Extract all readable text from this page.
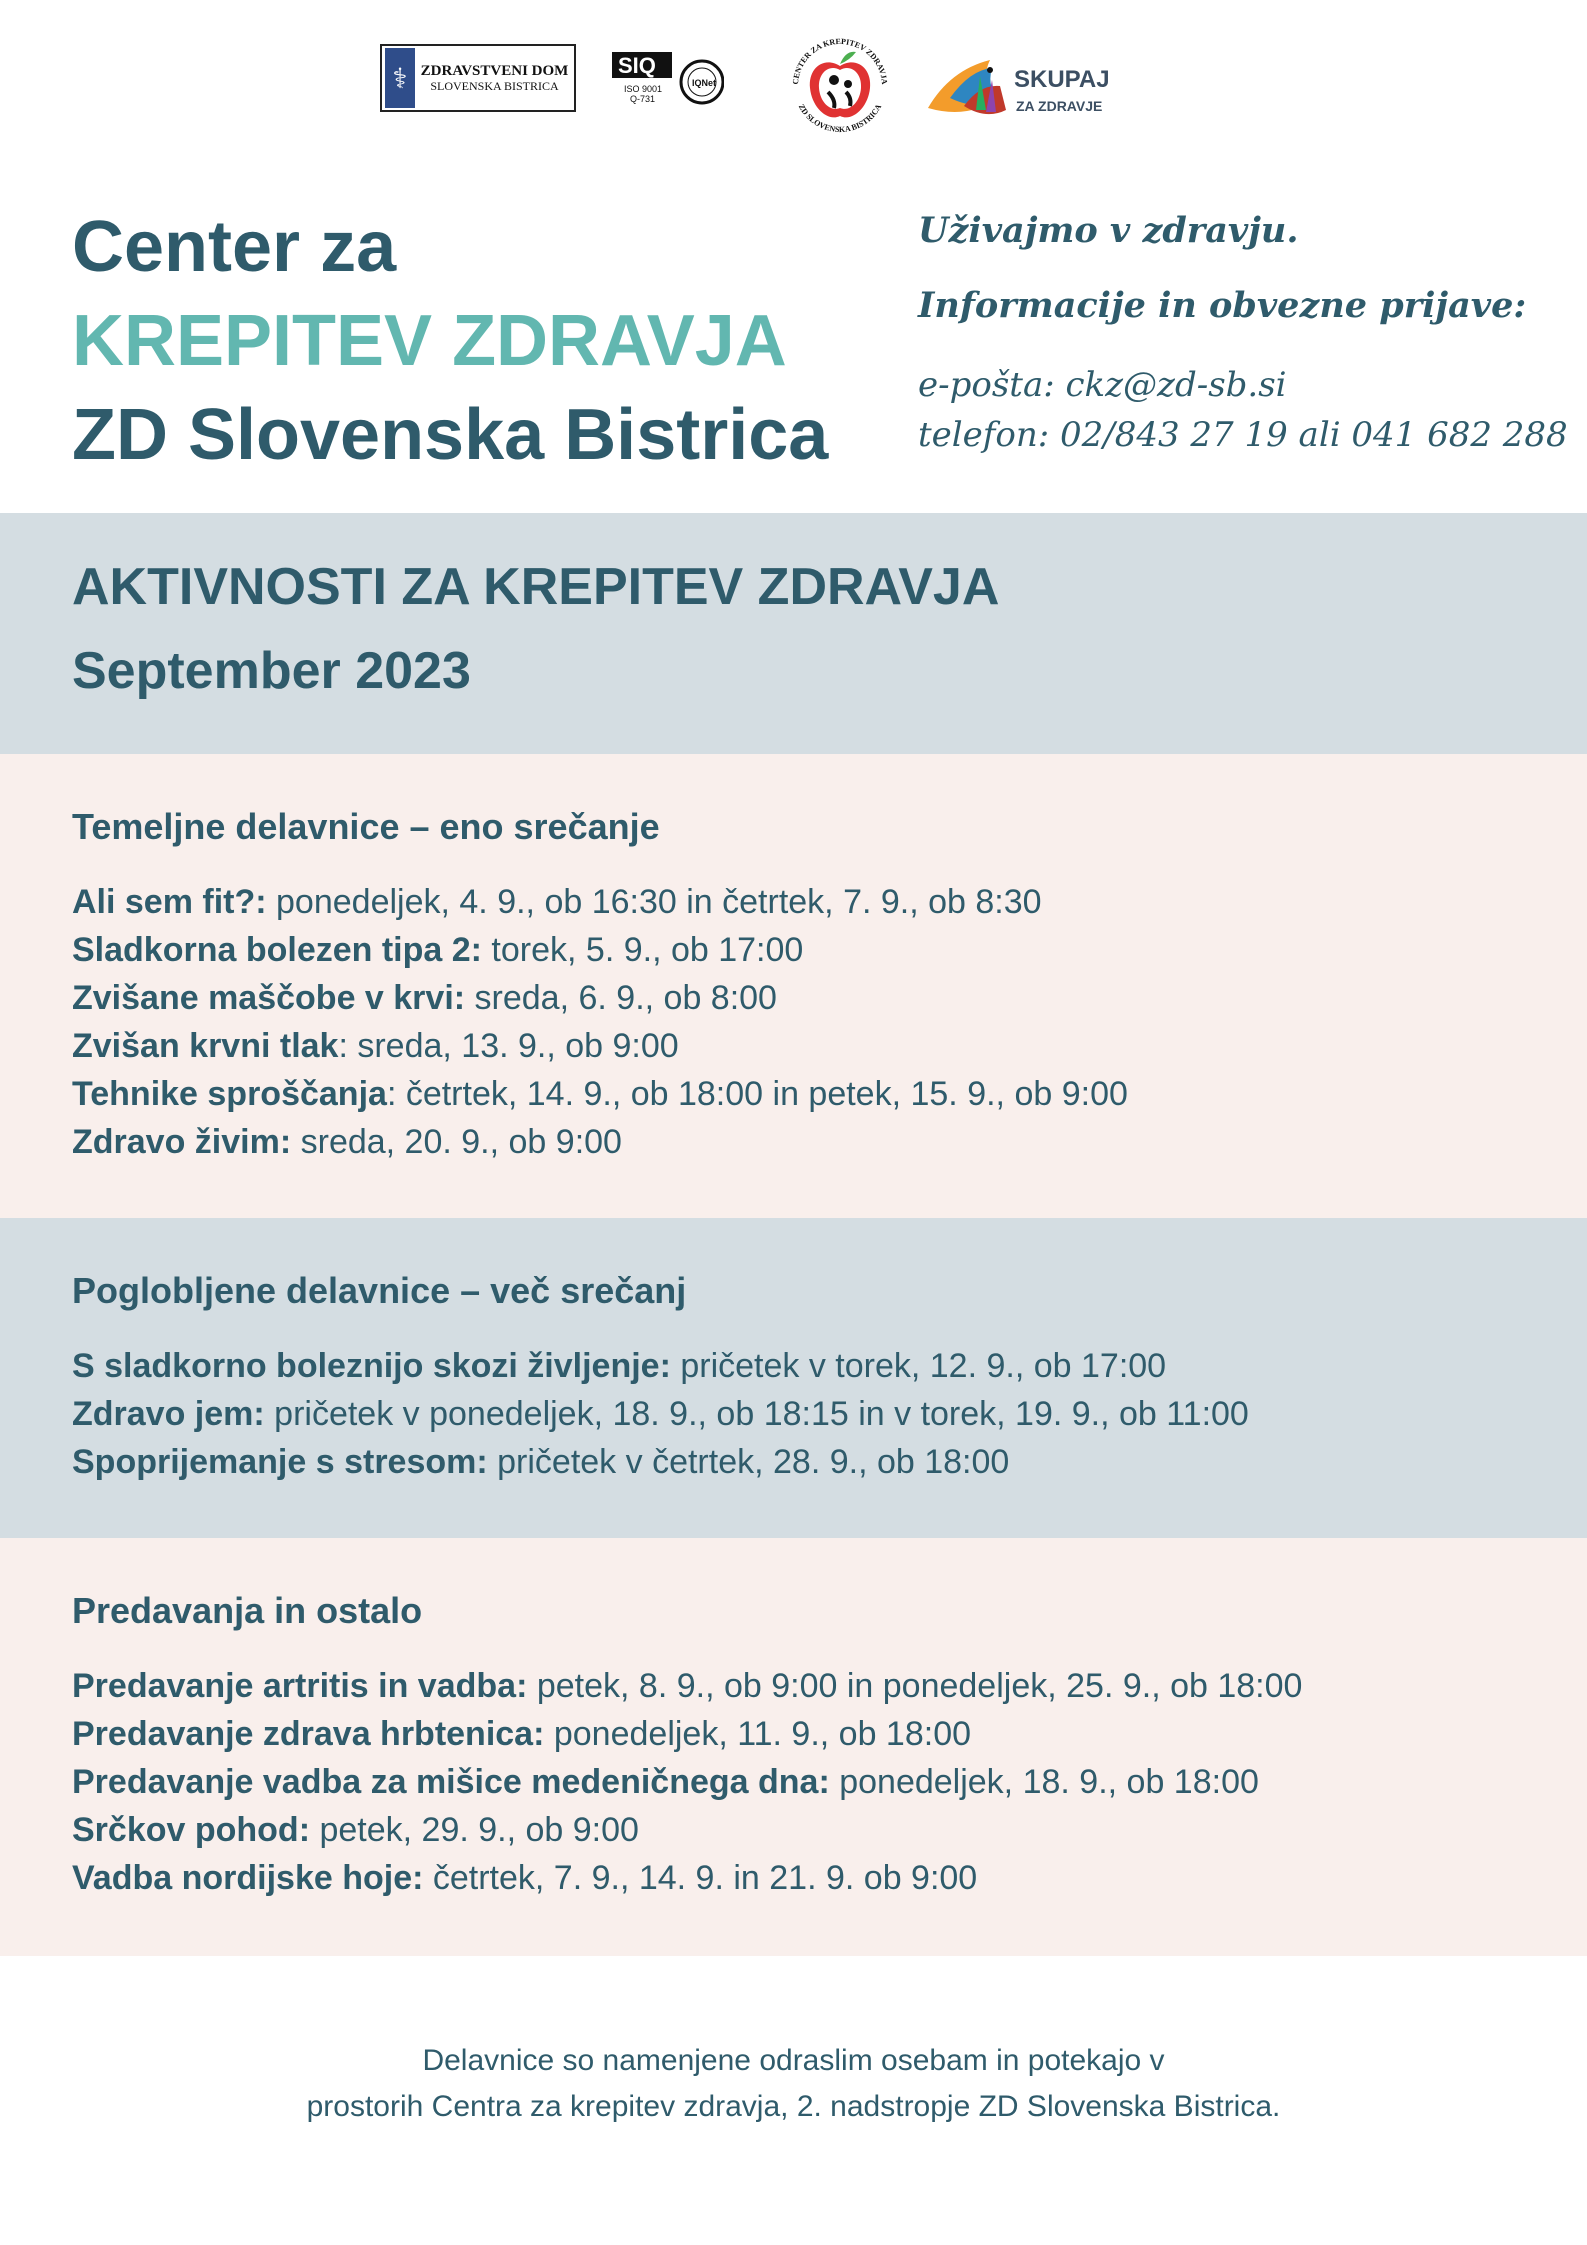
⚕ ZDRAVSTVENI DOM
SLOVENSKA BISTRICA
SIQ
ISO 9001
Q-731
IQNet	CENTER ZA KREPITEV ZDRAVJA
ZD SLOVENSKA BISTRICA
SKUPAJ
ZA ZDRAVJE
Center za
KREPITEV ZDRAVJA
ZD Slovenska Bistrica
Uživajmo v zdravju.
Informacije in obvezne prijave:
e-pošta: ckz@zd-sb.si
telefon: 02/843 27 19 ali 041 682 288
AKTIVNOSTI ZA KREPITEV ZDRAVJA
September 2023
Temeljne delavnice – eno srečanje
Ali sem fit?: ponedeljek, 4. 9., ob 16:30 in četrtek, 7. 9., ob 8:30
Sladkorna bolezen tipa 2: torek, 5. 9., ob 17:00
Zvišane maščobe v krvi: sreda, 6. 9., ob 8:00
Zvišan krvni tlak: sreda, 13. 9., ob 9:00
Tehnike sproščanja: četrtek, 14. 9., ob 18:00 in petek, 15. 9., ob 9:00
Zdravo živim: sreda, 20. 9., ob 9:00
Poglobljene delavnice – več srečanj
S sladkorno boleznijo skozi življenje: pričetek v torek, 12. 9., ob 17:00
Zdravo jem: pričetek v ponedeljek, 18. 9., ob 18:15 in v torek, 19. 9., ob 11:00
Spoprijemanje s stresom: pričetek v četrtek, 28. 9., ob 18:00
Predavanja in ostalo
Predavanje artritis in vadba: petek, 8. 9., ob 9:00 in ponedeljek, 25. 9., ob 18:00
Predavanje zdrava hrbtenica: ponedeljek, 11. 9., ob 18:00
Predavanje vadba za mišice medeničnega dna: ponedeljek, 18. 9., ob 18:00
Srčkov pohod: petek, 29. 9., ob 9:00
Vadba nordijske hoje: četrtek, 7. 9., 14. 9. in 21. 9. ob 9:00
Delavnice so namenjene odraslim osebam in potekajo v
prostorih Centra za krepitev zdravja, 2. nadstropje ZD Slovenska Bistrica.
